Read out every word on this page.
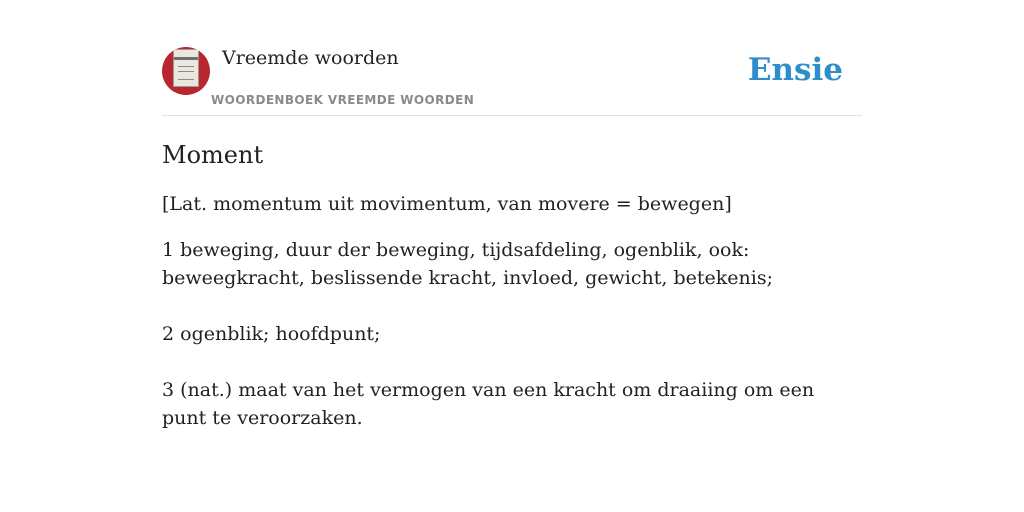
Vreemde woorden
WOORDENBOEK VREEMDE WOORDEN
Ensie
Moment
[Lat. momentum uit movimentum, van movere = bewegen]
1 beweging, duur der beweging, tijdsafdeling, ogenblik, ook: beweegkracht, beslissende kracht, invloed, gewicht, betekenis;
2 ogenblik; hoofdpunt;
3 (nat.) maat van het vermogen van een kracht om draaiing om een punt te veroorzaken.
